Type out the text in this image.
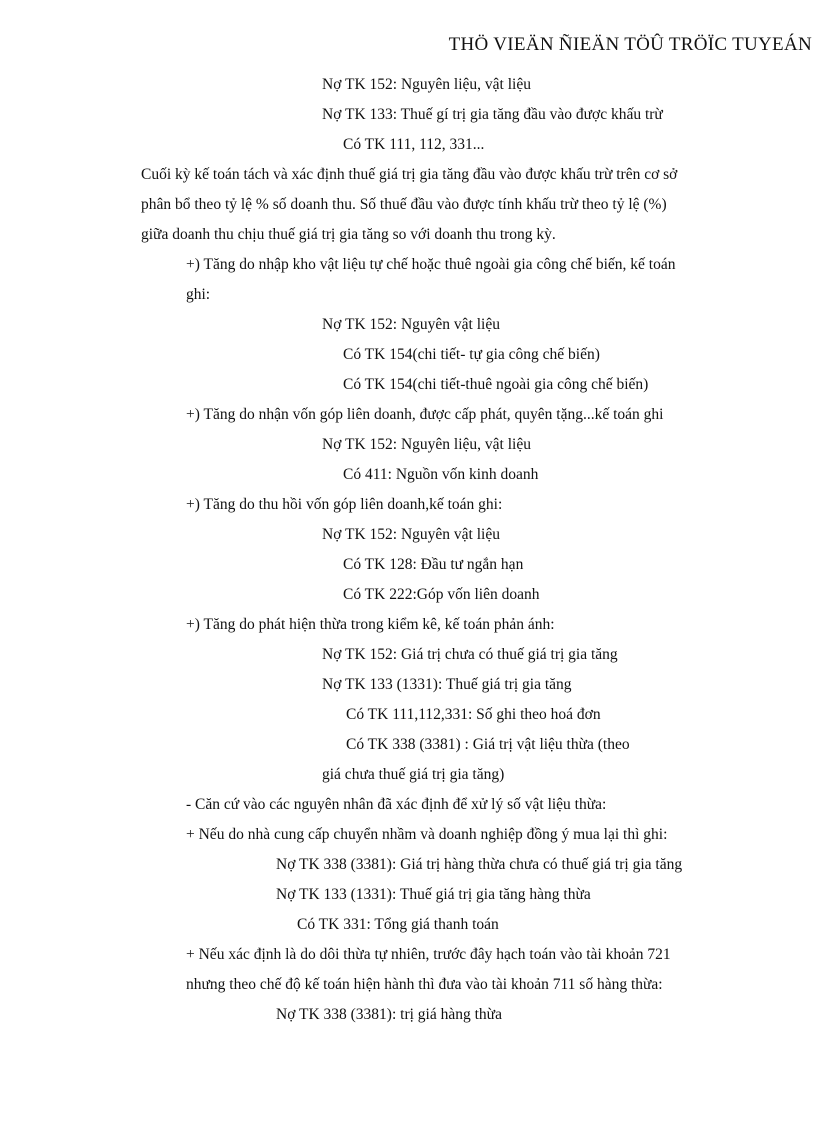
THÖ VIEÄN ÑIEÄN TÖÛ TRÖÏC TUYEÁN
Nợ TK 152: Nguyên liệu, vật liệu
Nợ TK 133: Thuế gí trị gia tăng đầu vào được khấu trừ
Có TK 111, 112, 331...
Cuối kỳ kế toán tách và xác định thuế giá trị gia tăng đầu vào được khấu trừ trên cơ sở
phân bổ theo tỷ lệ % số doanh thu. Số thuế đầu vào được tính khấu trừ theo tỷ lệ (%)
giữa doanh thu chịu thuế giá trị gia tăng so với doanh thu trong kỳ.
+) Tăng do nhập kho vật liệu tự chế hoặc thuê ngoài gia công chế biến, kế toán
ghi:
Nợ TK 152: Nguyên vật liệu
Có TK 154(chi tiết- tự gia công chế biến)
Có TK 154(chi tiết-thuê ngoài gia công chế biến)
+) Tăng do nhận vốn góp liên doanh, được cấp phát, quyên tặng...kế toán ghi
Nợ TK 152: Nguyên liệu, vật liệu
Có 411: Nguồn vốn kinh doanh
+) Tăng do thu hồi vốn góp liên doanh,kế toán ghi:
Nợ TK 152: Nguyên vật liệu
Có TK 128: Đầu tư ngắn hạn
Có TK 222:Góp vốn liên doanh
+) Tăng do phát hiện thừa trong kiểm kê, kế toán phản ánh:
Nợ TK 152: Giá trị chưa có thuế giá trị gia tăng
Nợ TK 133 (1331): Thuế giá trị gia tăng
Có TK 111,112,331: Số ghi theo hoá đơn
Có TK 338 (3381) : Giá trị vật liệu thừa (theo
giá chưa thuế giá trị gia tăng)
- Căn cứ vào các nguyên nhân đã xác định để xử lý số vật liệu thừa:
+ Nếu do nhà cung cấp chuyển nhầm và doanh nghiệp đồng ý mua lại thì ghi:
Nợ TK 338 (3381): Giá trị hàng thừa chưa có thuế giá trị gia tăng
Nợ TK 133 (1331): Thuế giá trị gia tăng hàng thừa
Có TK 331: Tổng giá thanh toán
+ Nếu xác định là do dôi thừa tự nhiên, trước đây hạch toán vào tài khoản 721
nhưng theo chế độ kế toán hiện hành thì đưa vào tài khoản 711 số hàng thừa:
Nợ TK 338 (3381): trị giá hàng thừa
